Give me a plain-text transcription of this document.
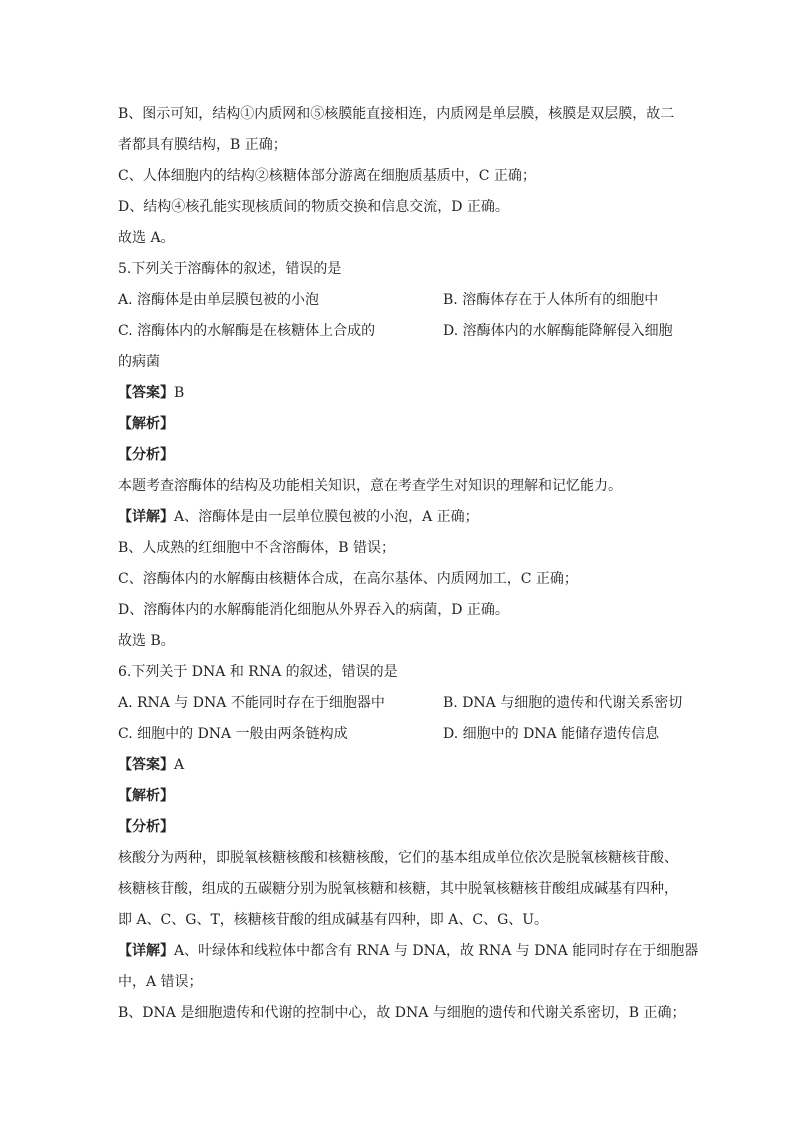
B、图示可知，结构①内质网和⑤核膜能直接相连，内质网是单层膜，核膜是双层膜，故二
者都具有膜结构，B 正确；
C、人体细胞内的结构②核糖体部分游离在细胞质基质中，C 正确；
D、结构④核孔能实现核质间的物质交换和信息交流，D 正确。
故选 A。
5.下列关于溶酶体的叙述，错误的是
A. 溶酶体是由单层膜包被的小泡	B. 溶酶体存在于人体所有的细胞中
C. 溶酶体内的水解酶是在核糖体上合成的	D. 溶酶体内的水解酶能降解侵入细胞
的病菌
【答案】B
【解析】
【分析】
本题考查溶酶体的结构及功能相关知识，意在考查学生对知识的理解和记忆能力。
【详解】A、溶酶体是由一层单位膜包被的小泡，A 正确；
B、人成熟的红细胞中不含溶酶体，B 错误；
C、溶酶体内的水解酶由核糖体合成，在高尔基体、内质网加工，C 正确；
D、溶酶体内的水解酶能消化细胞从外界吞入的病菌，D 正确。
故选 B。
6.下列关于 DNA 和 RNA 的叙述，错误的是
A. RNA 与 DNA 不能同时存在于细胞器中	B. DNA 与细胞的遗传和代谢关系密切
C. 细胞中的 DNA 一般由两条链构成	D. 细胞中的 DNA 能储存遗传信息
【答案】A
【解析】
【分析】
核酸分为两种，即脱氧核糖核酸和核糖核酸，它们的基本组成单位依次是脱氧核糖核苷酸、
核糖核苷酸，组成的五碳糖分别为脱氧核糖和核糖，其中脱氧核糖核苷酸组成碱基有四种，
即 A、C、G、T，核糖核苷酸的组成碱基有四种，即 A、C、G、U。
【详解】A、叶绿体和线粒体中都含有 RNA 与 DNA，故 RNA 与 DNA 能同时存在于细胞器
中，A 错误；
B、DNA 是细胞遗传和代谢的控制中心，故 DNA 与细胞的遗传和代谢关系密切，B 正确；
